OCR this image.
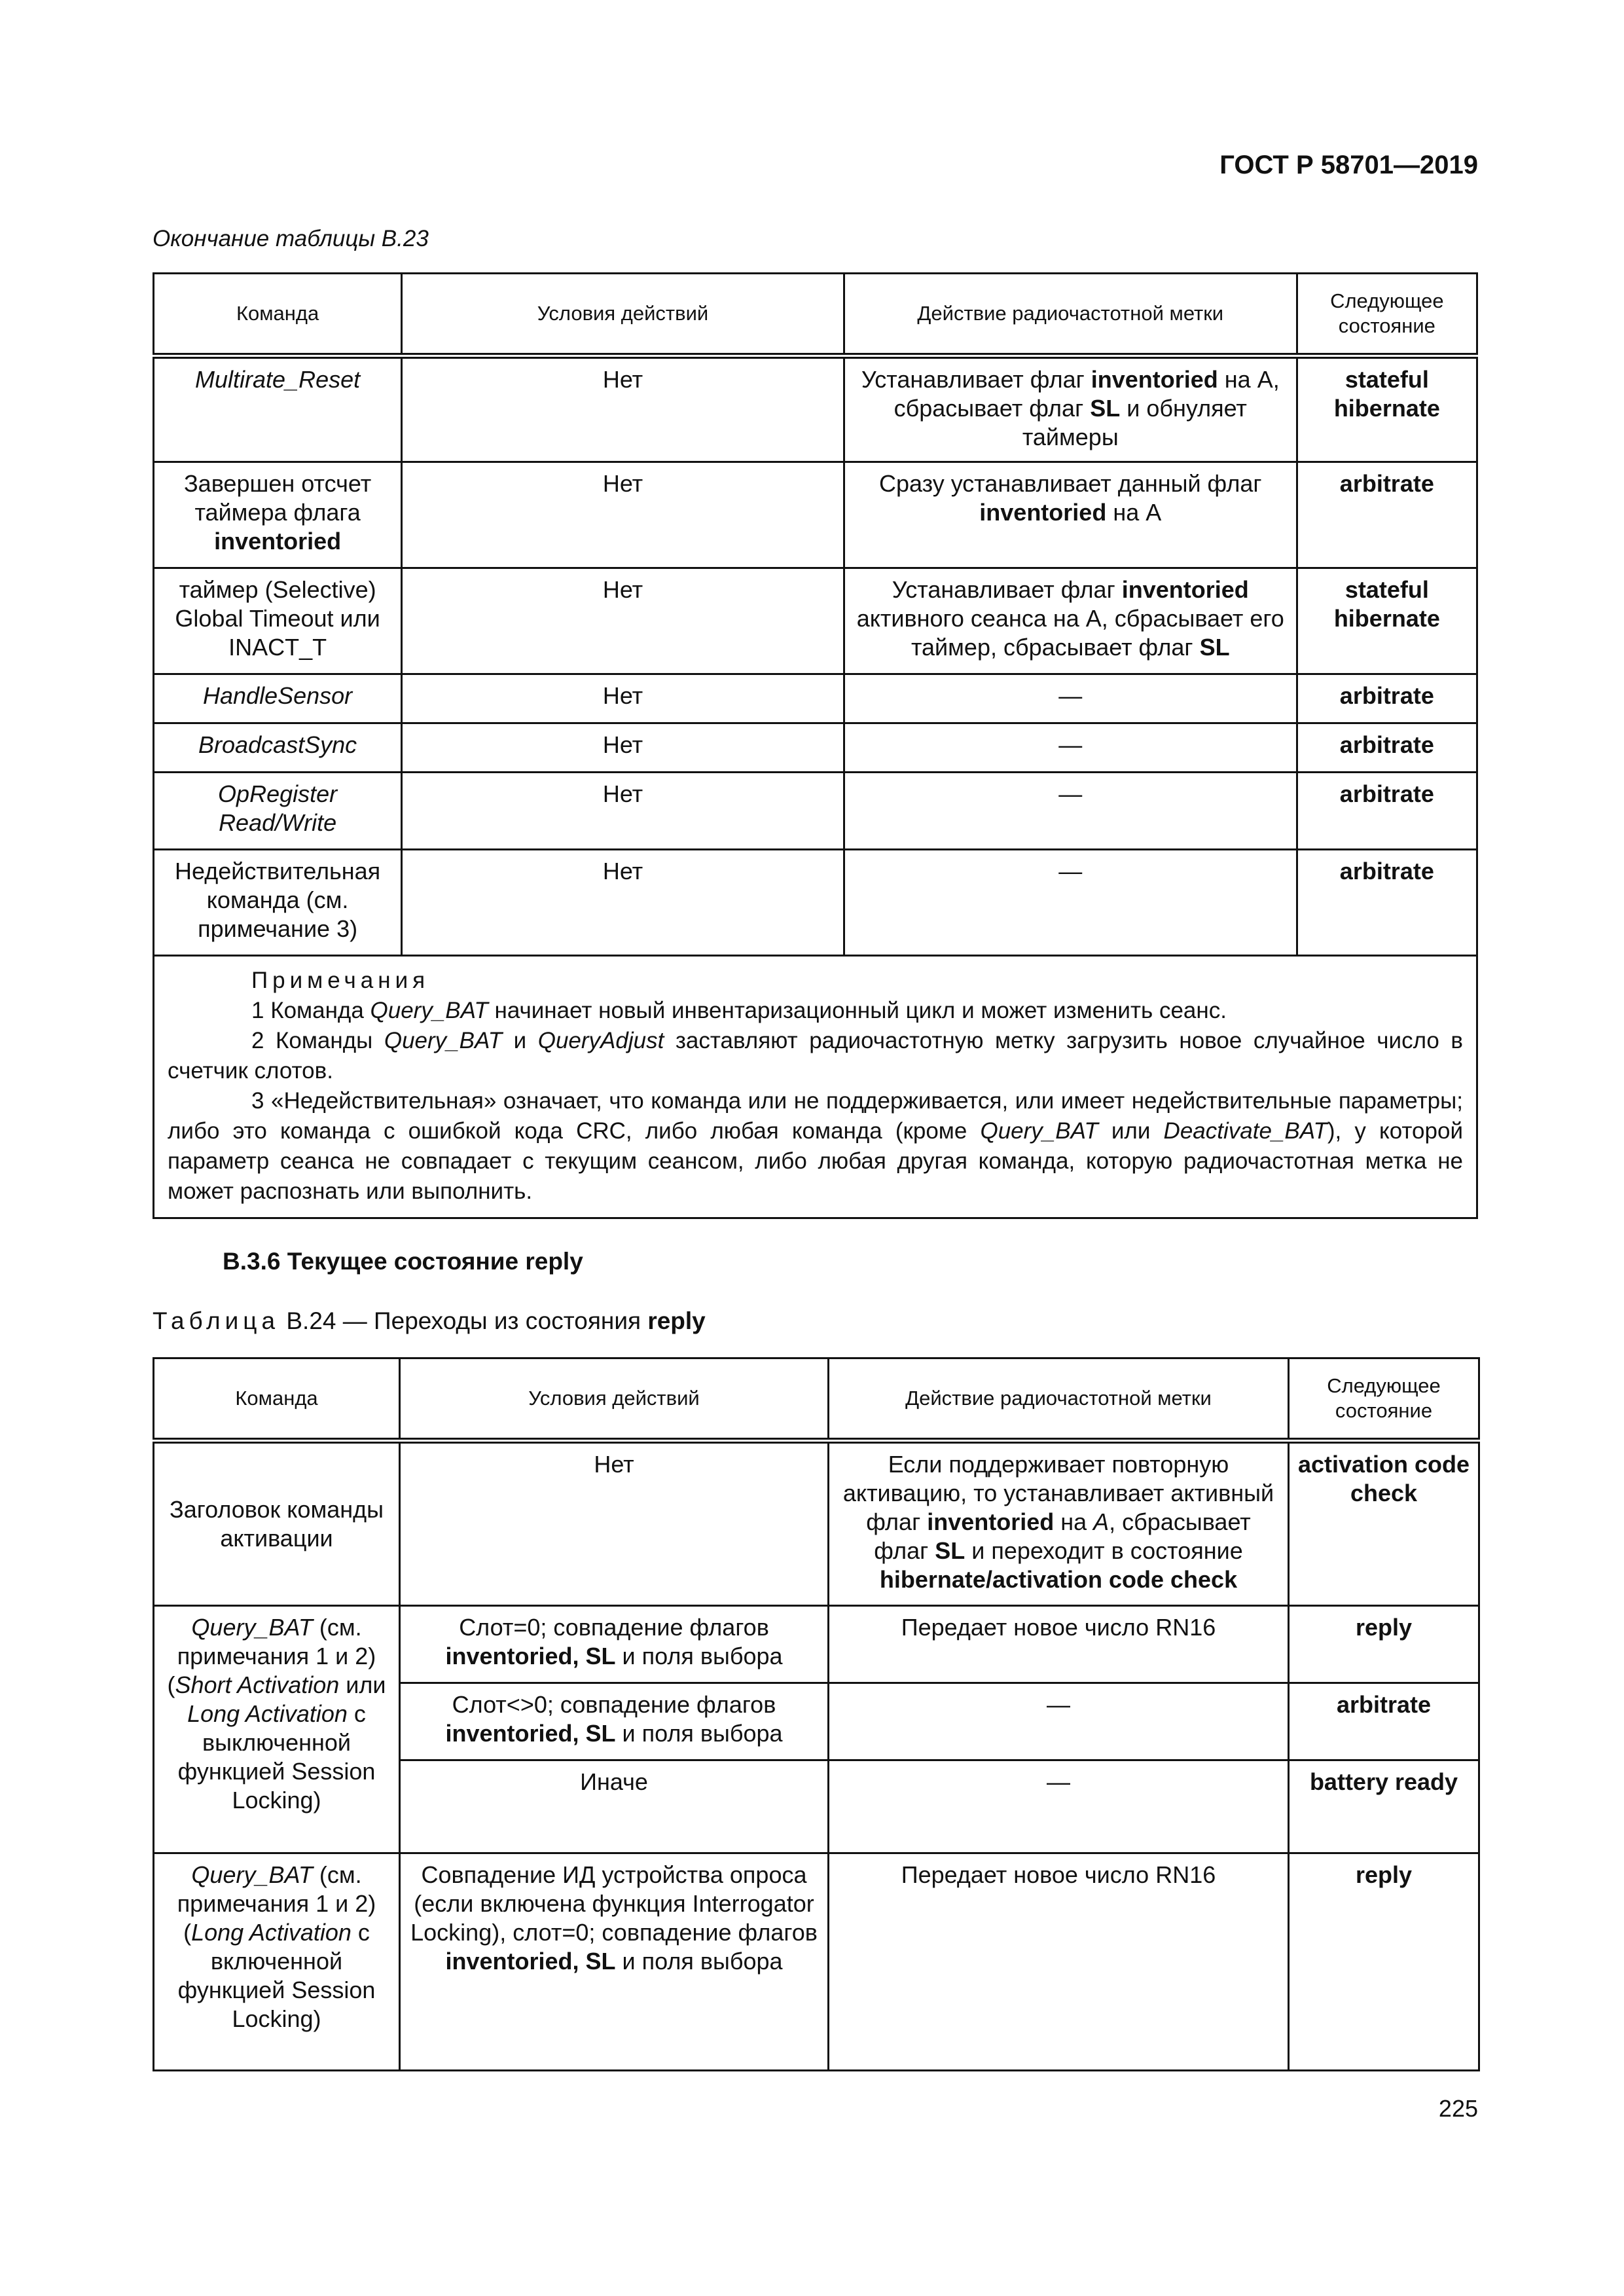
ГОСТ Р 58701—2019
Окончание таблицы В.23
Команда	Условия действий	Действие радиочастотной метки	Следующее состояние
Multirate_Reset	Нет	Устанавливает флаг inventoried на А, сбрасывает флаг SL и обнуляет таймеры	stateful hibernate
Завершен отсчет таймера флага inventoried	Нет	Сразу устанавливает данный флаг inventoried на А	arbitrate
таймер (Selective) Global Timeout или INACT_T	Нет	Устанавливает флаг inventoried активного сеанса на А, сбрасывает его таймер, сбрасывает флаг SL	stateful hibernate
HandleSensor	Нет	—	arbitrate
BroadcastSync	Нет	—	arbitrate
OpRegister Read/Write	Нет	—	arbitrate
Недействительная команда (см. примечание 3)	Нет	—	arbitrate

Примечания

1 Команда Query_BAT начинает новый инвентаризационный цикл и может изменить сеанс.

2 Команды Query_BAT и QueryAdjust заставляют радиочастотную метку загрузить новое случайное число в счетчик слотов.

3 «Недействительная» означает, что команда или не поддерживается, или имеет недействительные параметры; либо это команда с ошибкой кода CRC, либо любая команда (кроме Query_BAT или Deactivate_BAT), у которой параметр сеанса не совпадает с текущим сеансом, либо любая другая команда, которую радиочастотная метка не может распознать или выполнить.			

В.3.6 Текущее состояние reply
Таблица В.24 — Переходы из состояния reply
Команда	Условия действий	Действие радиочастотной метки	Следующее состояние
Заголовок команды активации	Нет	Если поддерживает повторную активацию, то устанавливает активный флаг inventoried на А, сбрасывает флаг SL и переходит в состояние hibernate/activation code check	activation code check
Query_BAT (см. примечания 1 и 2) (Short Activation или Long Activation с выключенной функцией Session Locking)	Слот=0; совпадение флагов inventoried, SL и поля выбора	Передает новое число RN16	reply
	Слот<>0; совпадение флагов inventoried, SL и поля выбора	—	arbitrate
	Иначе	—	battery ready
Query_BAT (см. примечания 1 и 2) (Long Activation с включенной функцией Session Locking)	Совпадение ИД устройства опроса (если включена функция Interrogator Locking), слот=0; совпадение флагов inventoried, SL и поля выбора	Передает новое число RN16	reply
225
